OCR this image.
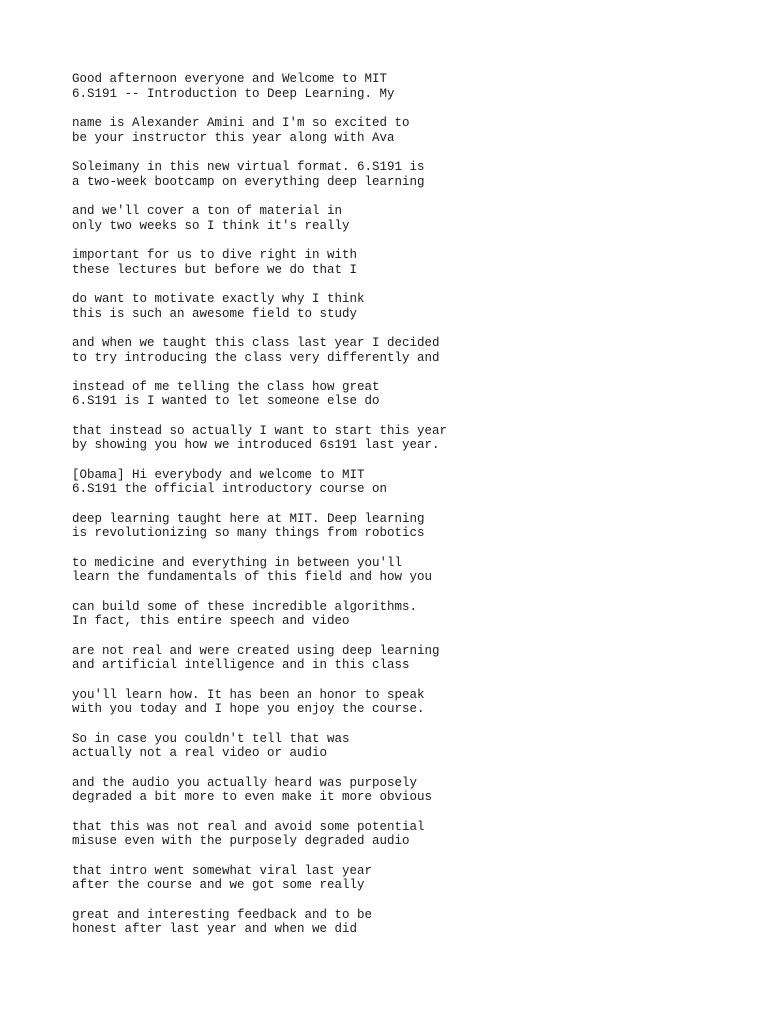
Good afternoon everyone and Welcome to MIT
6.S191 -- Introduction to Deep Learning. My
name is Alexander Amini and I'm so excited to
be your instructor this year along with Ava
Soleimany in this new virtual format. 6.S191 is
a two-week bootcamp on everything deep learning
and we'll cover a ton of material in
only two weeks so I think it's really
important for us to dive right in with
these lectures but before we do that I
do want to motivate exactly why I think
this is such an awesome field to study
and when we taught this class last year I decided
to try introducing the class very differently and
instead of me telling the class how great
6.S191 is I wanted to let someone else do
that instead so actually I want to start this year
by showing you how we introduced 6s191 last year.
[Obama] Hi everybody and welcome to MIT
6.S191 the official introductory course on
deep learning taught here at MIT. Deep learning
is revolutionizing so many things from robotics
to medicine and everything in between you'll
learn the fundamentals of this field and how you
can build some of these incredible algorithms.
In fact, this entire speech and video
are not real and were created using deep learning
and artificial intelligence and in this class
you'll learn how. It has been an honor to speak
with you today and I hope you enjoy the course.
So in case you couldn't tell that was
actually not a real video or audio
and the audio you actually heard was purposely
degraded a bit more to even make it more obvious
that this was not real and avoid some potential
misuse even with the purposely degraded audio
that intro went somewhat viral last year
after the course and we got some really
great and interesting feedback and to be
honest after last year and when we did
